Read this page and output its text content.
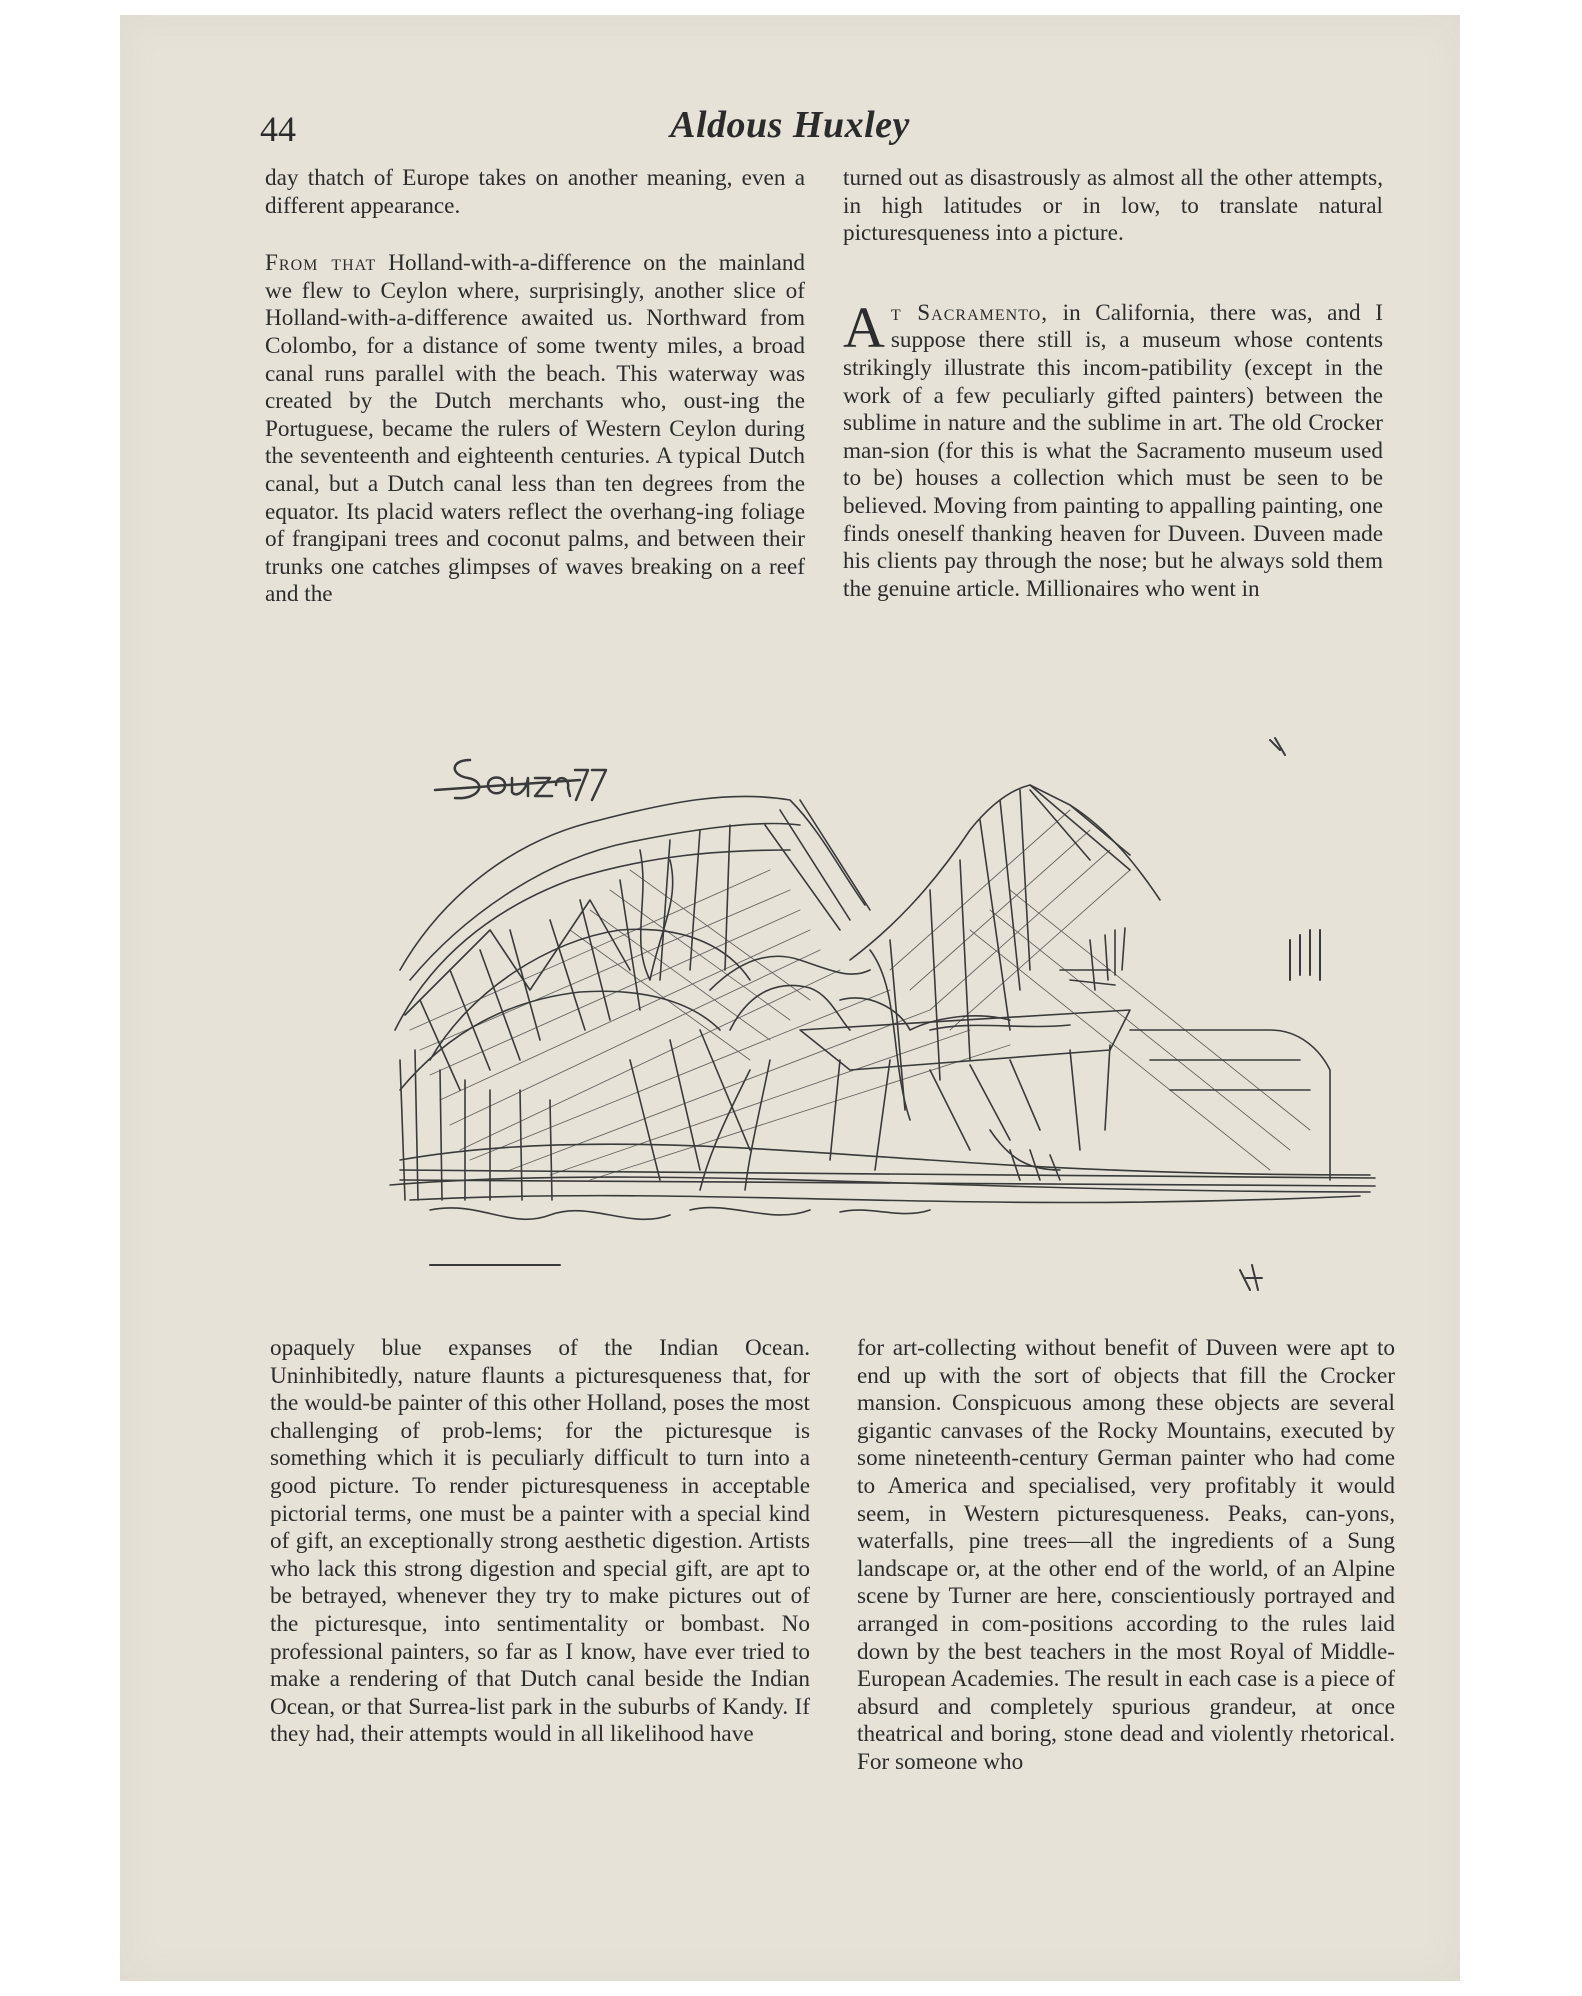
44	Aldous Huxley

day thatch of Europe takes on another meaning, even a different appearance.

From that Holland-with-a-difference on the mainland we flew to Ceylon where, surprisingly, another slice of Holland-with-a-difference awaited us. Northward from Colombo, for a distance of some twenty miles, a broad canal runs parallel with the beach. This waterway was created by the Dutch merchants who, oust-ing the Portuguese, became the rulers of Western Ceylon during the seventeenth and eighteenth centuries. A typical Dutch canal, but a Dutch canal less than ten degrees from the equator. Its placid waters reflect the overhang-ing foliage of frangipani trees and coconut palms, and between their trunks one catches glimpses of waves breaking on a reef and the

turned out as disastrously as almost all the other attempts, in high latitudes or in low, to translate natural picturesqueness into a picture.

At Sacramento, in California, there was, and I suppose there still is, a museum whose contents strikingly illustrate this incom-patibility (except in the work of a few peculiarly gifted painters) between the sublime in nature and the sublime in art. The old Crocker man-sion (for this is what the Sacramento museum used to be) houses a collection which must be seen to be believed. Moving from painting to appalling painting, one finds oneself thanking heaven for Duveen. Duveen made his clients pay through the nose; but he always sold them the genuine article. Millionaires who went in

opaquely blue expanses of the Indian Ocean. Uninhibitedly, nature flaunts a picturesqueness that, for the would-be painter of this other Holland, poses the most challenging of prob-lems; for the picturesque is something which it is peculiarly difficult to turn into a good picture. To render picturesqueness in acceptable pictorial terms, one must be a painter with a special kind of gift, an exceptionally strong aesthetic digestion. Artists who lack this strong digestion and special gift, are apt to be betrayed, whenever they try to make pictures out of the picturesque, into sentimentality or bombast. No professional painters, so far as I know, have ever tried to make a rendering of that Dutch canal beside the Indian Ocean, or that Surrea-list park in the suburbs of Kandy. If they had, their attempts would in all likelihood have

for art-collecting without benefit of Duveen were apt to end up with the sort of objects that fill the Crocker mansion. Conspicuous among these objects are several gigantic canvases of the Rocky Mountains, executed by some nineteenth-century German painter who had come to America and specialised, very profitably it would seem, in Western picturesqueness. Peaks, can-yons, waterfalls, pine trees—all the ingredients of a Sung landscape or, at the other end of the world, of an Alpine scene by Turner are here, conscientiously portrayed and arranged in com-positions according to the rules laid down by the best teachers in the most Royal of Middle-European Academies. The result in each case is a piece of absurd and completely spurious grandeur, at once theatrical and boring, stone dead and violently rhetorical. For someone who
